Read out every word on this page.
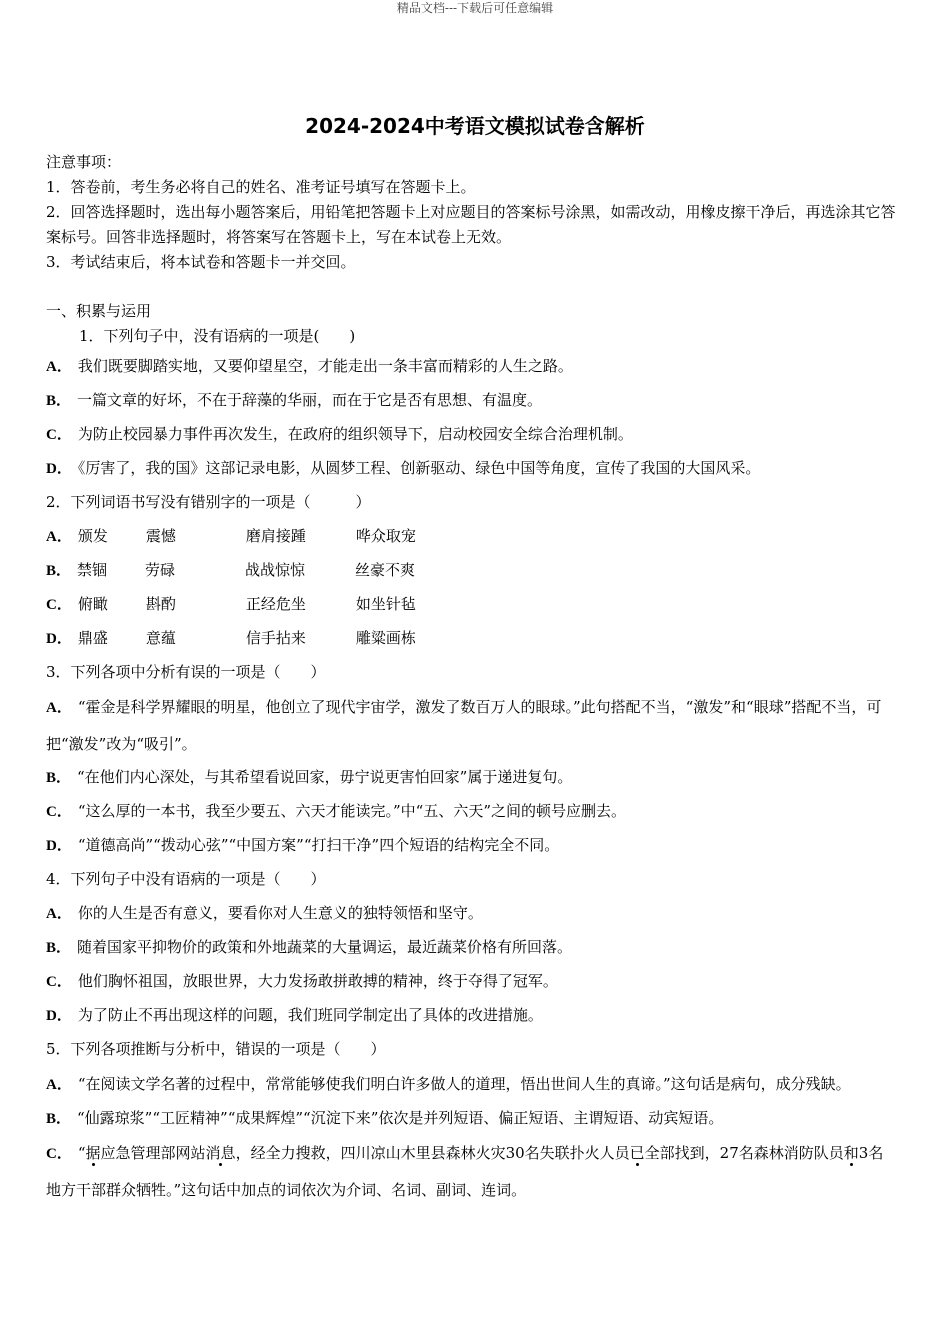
精品文档---下载后可任意编辑
2024-2024中考语文模拟试卷含解析
注意事项：
1．答卷前，考生务必将自己的姓名、准考证号填写在答题卡上。
2．回答选择题时，选出每小题答案后，用铅笔把答题卡上对应题目的答案标号涂黑，如需改动，用橡皮擦干净后，再选涂其它答案标号。回答非选择题时，将答案写在答题卡上，写在本试卷上无效。
3．考试结束后，将本试卷和答题卡一并交回。
一、积累与运用
1．下列句子中，没有语病的一项是(　　)
A． 我们既要脚踏实地，又要仰望星空，才能走出一条丰富而精彩的人生之路。
B． 一篇文章的好坏，不在于辞藻的华丽，而在于它是否有思想、有温度。
C． 为防止校园暴力事件再次发生，在政府的组织领导下，启动校园安全综合治理机制。
D． 《厉害了，我的国》这部记录电影，从圆梦工程、创新驱动、绿色中国等角度，宣传了我国的大国风采。
2．下列词语书写没有错别字的一项是（　　　）
A． 颁发	震憾	磨肩接踵	哗众取宠
B． 禁锢	劳碌	战战惊惊	丝豪不爽
C． 俯瞰	斟酌	正经危坐	如坐针毡
D． 鼎盛	意蕴	信手拈来	雕粱画栋
3．下列各项中分析有误的一项是（　　）
A． “霍金是科学界耀眼的明星，他创立了现代宇宙学，激发了数百万人的眼球。”此句搭配不当，“激发”和“眼球”搭配不当，可把“激发”改为“吸引”。
B． “在他们内心深处，与其希望看说回家，毋宁说更害怕回家”属于递进复句。
C． “这么厚的一本书，我至少要五、六天才能读完。”中“五、六天”之间的顿号应删去。
D． “道德高尚”“拨动心弦”“中国方案”“打扫干净”四个短语的结构完全不同。
4．下列句子中没有语病的一项是（　　）
A． 你的人生是否有意义，要看你对人生意义的独特领悟和坚守。
B． 随着国家平抑物价的政策和外地蔬菜的大量调运，最近蔬菜价格有所回落。
C． 他们胸怀祖国，放眼世界，大力发扬敢拼敢搏的精神，终于夺得了冠军。
D． 为了防止不再出现这样的问题，我们班同学制定出了具体的改进措施。
5．下列各项推断与分析中，错误的一项是（　　）
A． “在阅读文学名著的过程中，常常能够使我们明白许多做人的道理，悟出世间人生的真谛。”这句话是病句，成分残缺。
B． “仙露琼浆”“工匠精神”“成果辉煌”“沉淀下来”依次是并列短语、偏正短语、主谓短语、动宾短语。
C． “据应急管理部网站消息，经全力搜救，四川凉山木里县森林火灾30名失联扑火人员已全部找到，27名森林消防队员和3名地方干部群众牺牲。”这句话中加点的词依次为介词、名词、副词、连词。
